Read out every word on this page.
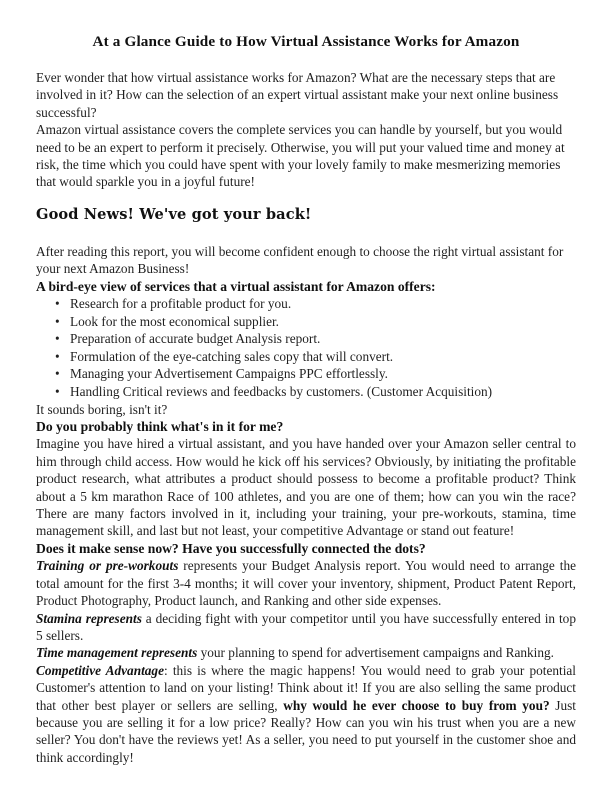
At a Glance Guide to How Virtual Assistance Works for Amazon

Ever wonder that how virtual assistance works for Amazon? What are the necessary steps that are involved in it? How can the selection of an expert virtual assistant make your next online business successful?

Amazon virtual assistance covers the complete services you can handle by yourself, but you would need to be an expert to perform it precisely. Otherwise, you will put your valued time and money at risk, the time which you could have spent with your lovely family to make mesmerizing memories that would sparkle you in a joyful future!

Good News! We've got your back!

After reading this report, you will become confident enough to choose the right virtual assistant for your next Amazon Business!

A bird-eye view of services that a virtual assistant for Amazon offers:
• Research for a profitable product for you.
• Look for the most economical supplier.
• Preparation of accurate budget Analysis report.
• Formulation of the eye-catching sales copy that will convert.
• Managing your Advertisement Campaigns PPC effortlessly.
• Handling Critical reviews and feedbacks by customers. (Customer Acquisition)

It sounds boring, isn't it?

Do you probably think what's in it for me?

Imagine you have hired a virtual assistant, and you have handed over your Amazon seller central to him through child access. How would he kick off his services? Obviously, by initiating the profitable product research, what attributes a product should possess to become a profitable product? Think about a 5 km marathon Race of 100 athletes, and you are one of them; how can you win the race? There are many factors involved in it, including your training, your pre-workouts, stamina, time management skill, and last but not least, your competitive Advantage or stand out feature!

Does it make sense now? Have you successfully connected the dots?

Training or pre-workouts represents your Budget Analysis report. You would need to arrange the total amount for the first 3-4 months; it will cover your inventory, shipment, Product Patent Report, Product Photography, Product launch, and Ranking and other side expenses.

Stamina represents a deciding fight with your competitor until you have successfully entered in top 5 sellers.

Time management represents your planning to spend for advertisement campaigns and Ranking.

Competitive Advantage: this is where the magic happens! You would need to grab your potential Customer's attention to land on your listing! Think about it! If you are also selling the same product that other best player or sellers are selling, why would he ever choose to buy from you? Just because you are selling it for a low price? Really? How can you win his trust when you are a new seller? You don't have the reviews yet! As a seller, you need to put yourself in the customer shoe and think accordingly!
